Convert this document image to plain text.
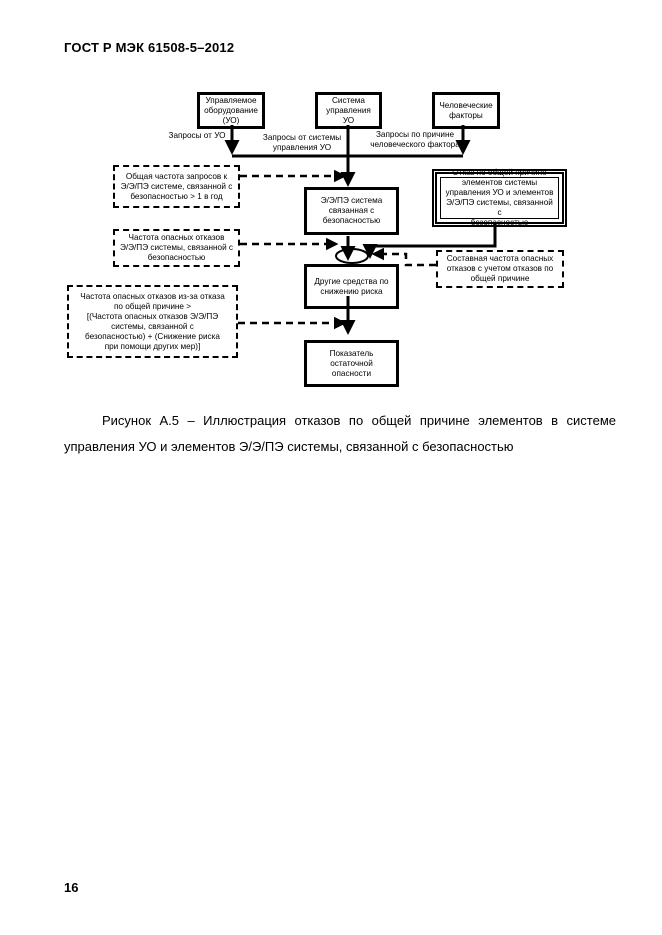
ГОСТ Р МЭК 61508-5–2012
Управляемое
оборудование
(УО)
Система
управления
УО
Человеческие
факторы
Запросы от УО	Запросы от системы
управления УО
Запросы по причине
человеческого фактора
Общая частота запросов к
Э/Э/ПЭ системе, связанной с
безопасностью > 1 в год
Частота опасных отказов
Э/Э/ПЭ системы, связанной с
безопасностью
Частота опасных отказов из-за отказа
по общей причине >
[(Частота опасных отказов Э/Э/ПЭ
системы, связанной с
безопасностью) + (Снижение риска
при помощи других мер)]
Э/Э/ПЭ система
связанная с
безопасностью
Другие средства по
снижению риска
Показатель
остаточной
опасности
Отказ по общей причине
элементов системы
управления УО и элементов
Э/Э/ПЭ системы, связанной с
безопасностью
Составная частота опасных
отказов с учетом отказов по
общей причине
Рисунок А.5 – Иллюстрация отказов по общей причине элементов в системе
управления УО и элементов Э/Э/ПЭ системы, связанной с безопасностью
16
